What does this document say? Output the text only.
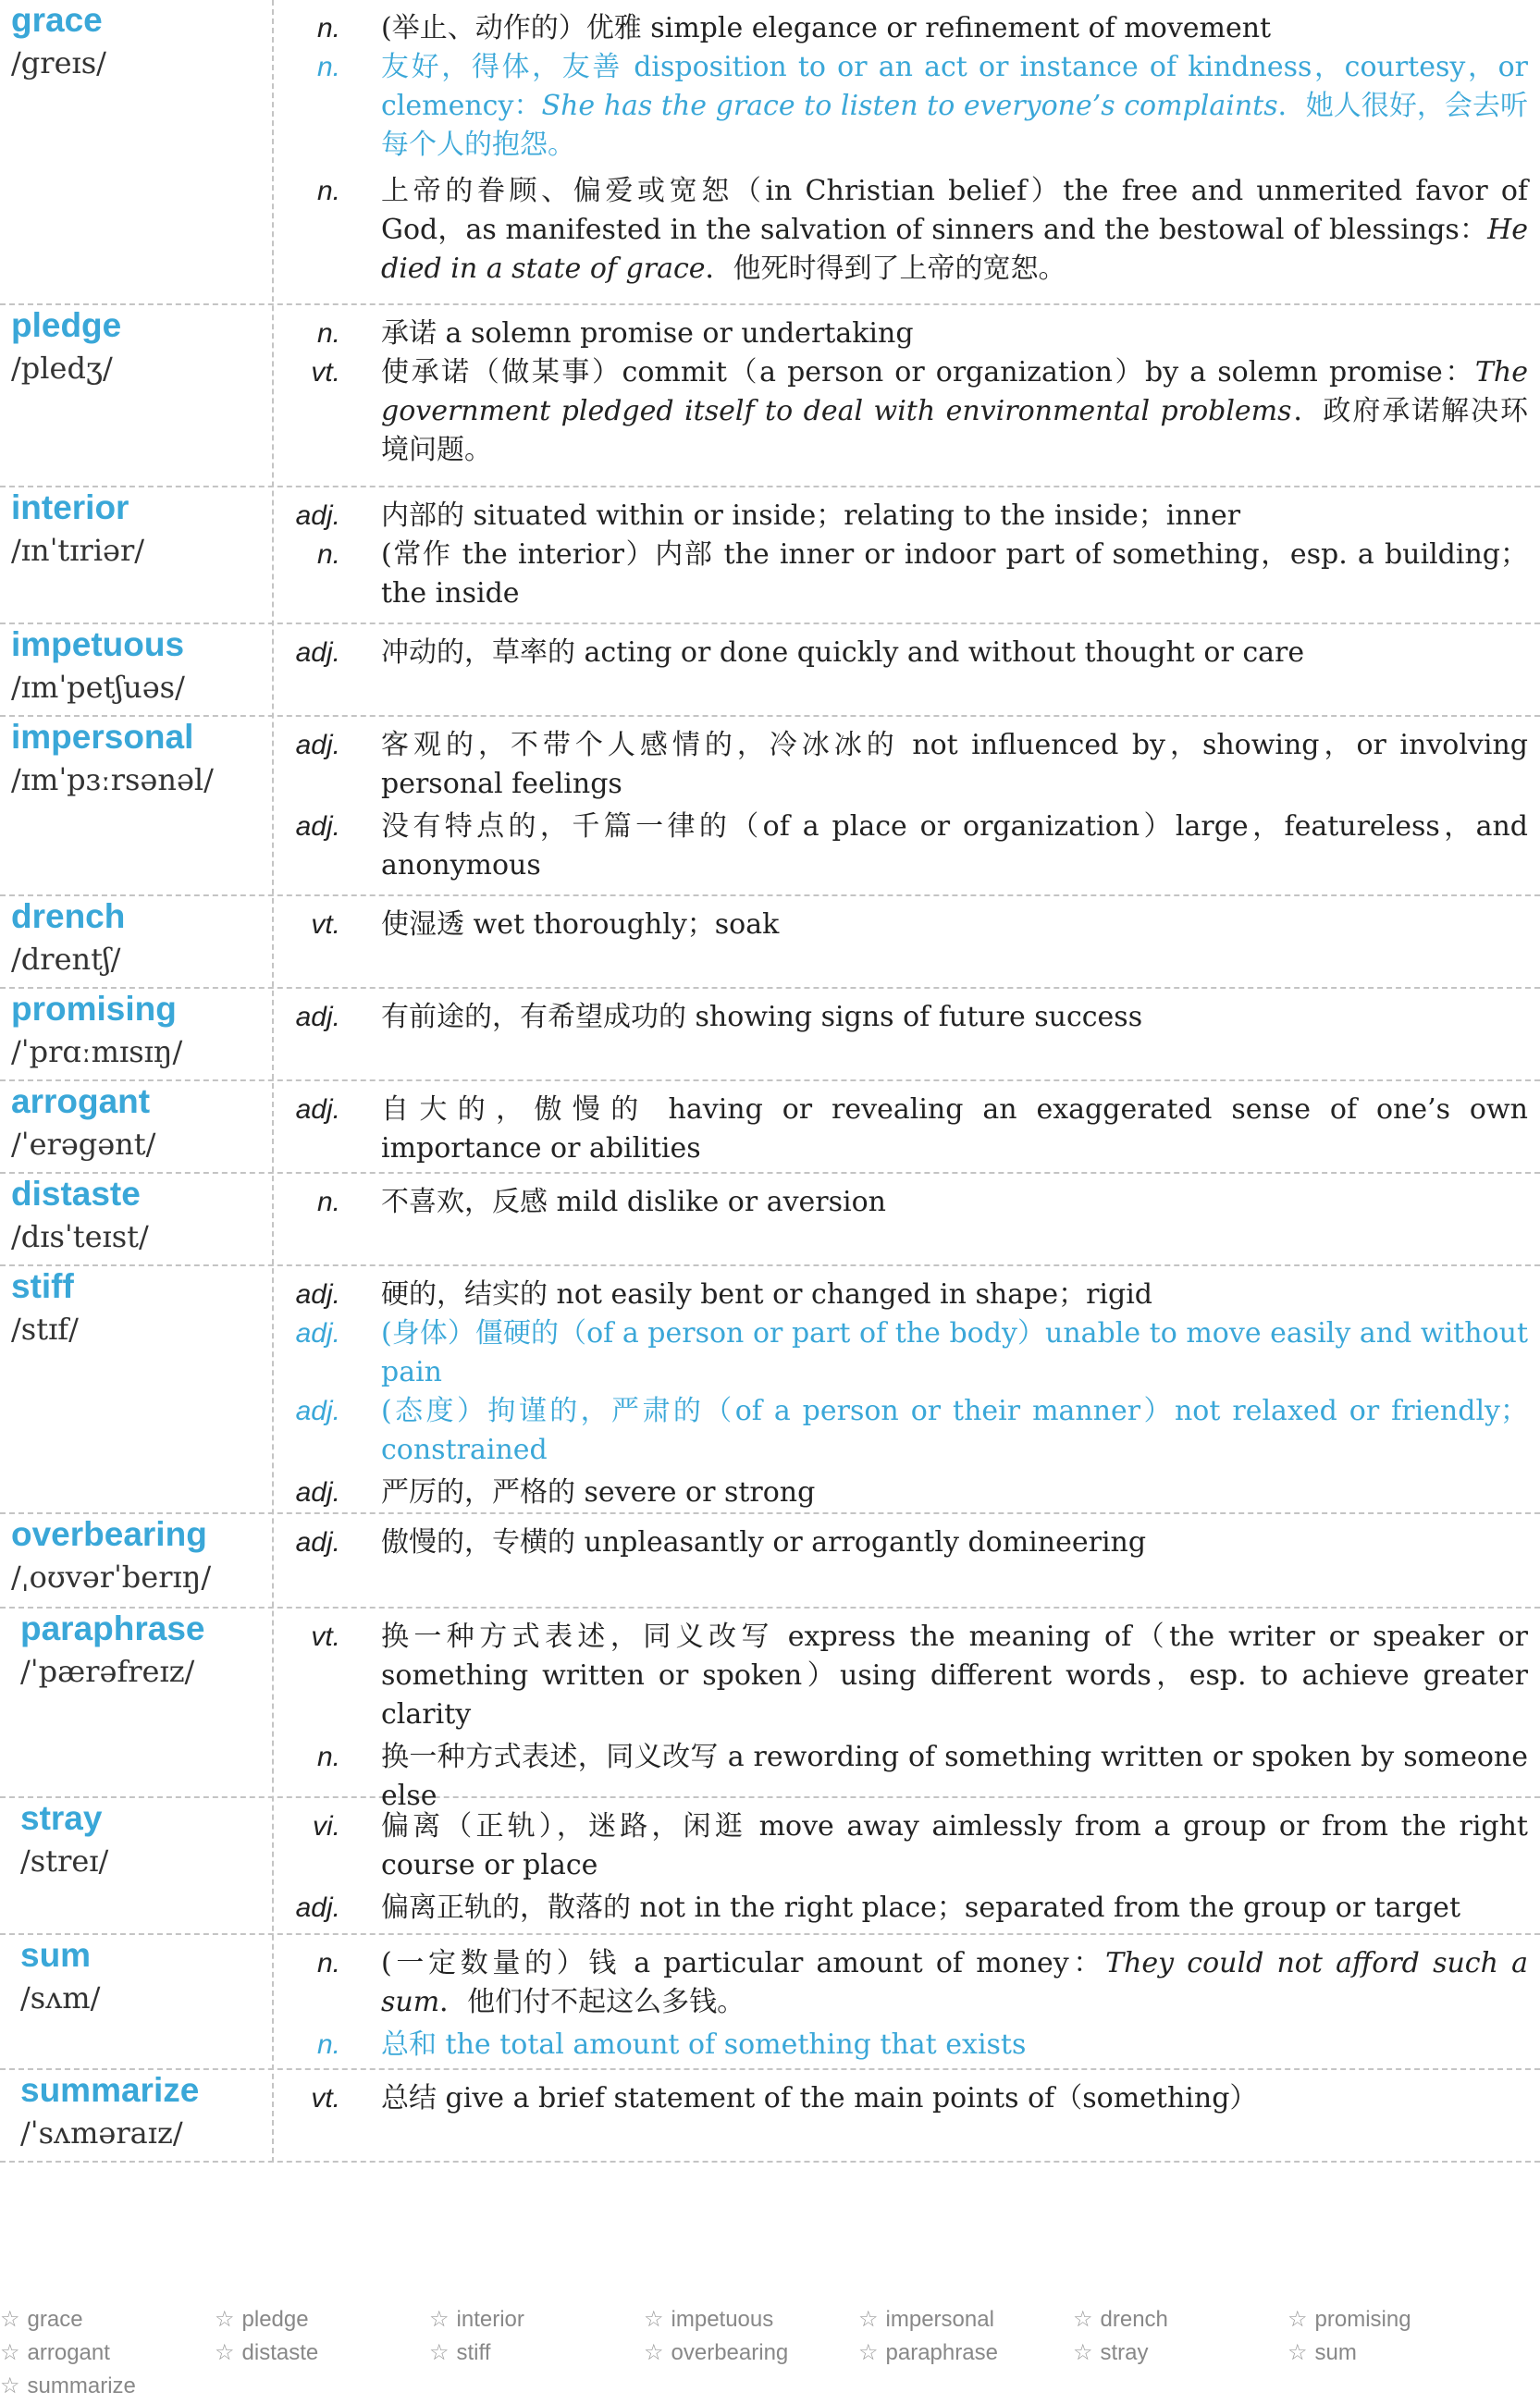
grace
/greɪs/
n. (举止、动作的）优雅 simple elegance or refinement of movement
n. 友好，得体，友善 disposition to or an act or instance of kindness，courtesy，or clemency：She has the grace to listen to everyone’s complaints．她人很好，会去听每个人的抱怨。
n. 上帝的眷顾、偏爱或宽恕（in Christian belief）the free and unmerited favor of God，as manifested in the salvation of sinners and the bestowal of blessings：He died in a state of grace．他死时得到了上帝的宽恕。
pledge
/pledʒ/
n. 承诺 a solemn promise or undertaking
vt. 使承诺（做某事）commit（a person or organization）by a solemn promise：The government pledged itself to deal with environmental problems．政府承诺解决环境问题。
interior
/ɪnˈtɪriər/
adj. 内部的 situated within or inside；relating to the inside；inner
n. (常作 the interior）内部 the inner or indoor part of something，esp. a building；the inside
impetuous
/ɪmˈpetʃuəs/
adj. 冲动的，草率的 acting or done quickly and without thought or care
impersonal
/ɪmˈpɜːrsənəl/
adj. 客观的，不带个人感情的，冷冰冰的 not influenced by，showing，or involving personal feelings
adj. 没有特点的，千篇一律的（of a place or organization）large，featureless，and anonymous
drench
/drentʃ/
vt. 使湿透 wet thoroughly；soak
promising
/ˈprɑːmɪsɪŋ/
adj. 有前途的，有希望成功的 showing signs of future success
arrogant
/ˈerəgənt/
adj. 自大的，傲慢的 having or revealing an exaggerated sense of one’s own importance or abilities
distaste
/dɪsˈteɪst/
n. 不喜欢，反感 mild dislike or aversion
stiff
/stɪf/
adj. 硬的，结实的 not easily bent or changed in shape；rigid
adj. (身体）僵硬的（of a person or part of the body）unable to move easily and without pain
adj. (态度）拘谨的，严肃的（of a person or their manner）not relaxed or friendly；constrained
adj. 严厉的，严格的 severe or strong
overbearing
/ˌoʊvərˈberɪŋ/
adj. 傲慢的，专横的 unpleasantly or arrogantly domineering
paraphrase
/ˈpærəfreɪz/
vt. 换一种方式表述，同义改写 express the meaning of（the writer or speaker or something written or spoken）using different words，esp. to achieve greater clarity
n. 换一种方式表述，同义改写 a rewording of something written or spoken by someone else
stray
/streɪ/
vi. 偏离（正轨），迷路，闲逛 move away aimlessly from a group or from the right course or place
adj. 偏离正轨的，散落的 not in the right place；separated from the group or target
sum
/sʌm/
n. (一定数量的）钱 a particular amount of money：They could not afford such a sum．他们付不起这么多钱。
n. 总和 the total amount of something that exists
summarize
/ˈsʌməraɪz/
vt. 总结 give a brief statement of the main points of（something）
☆ grace	☆ pledge	☆ interior	☆ impetuous	☆ impersonal	☆ drench	☆ promising
☆ arrogant	☆ distaste	☆ stiff	☆ overbearing	☆ paraphrase	☆ stray	☆ sum
☆ summarize
